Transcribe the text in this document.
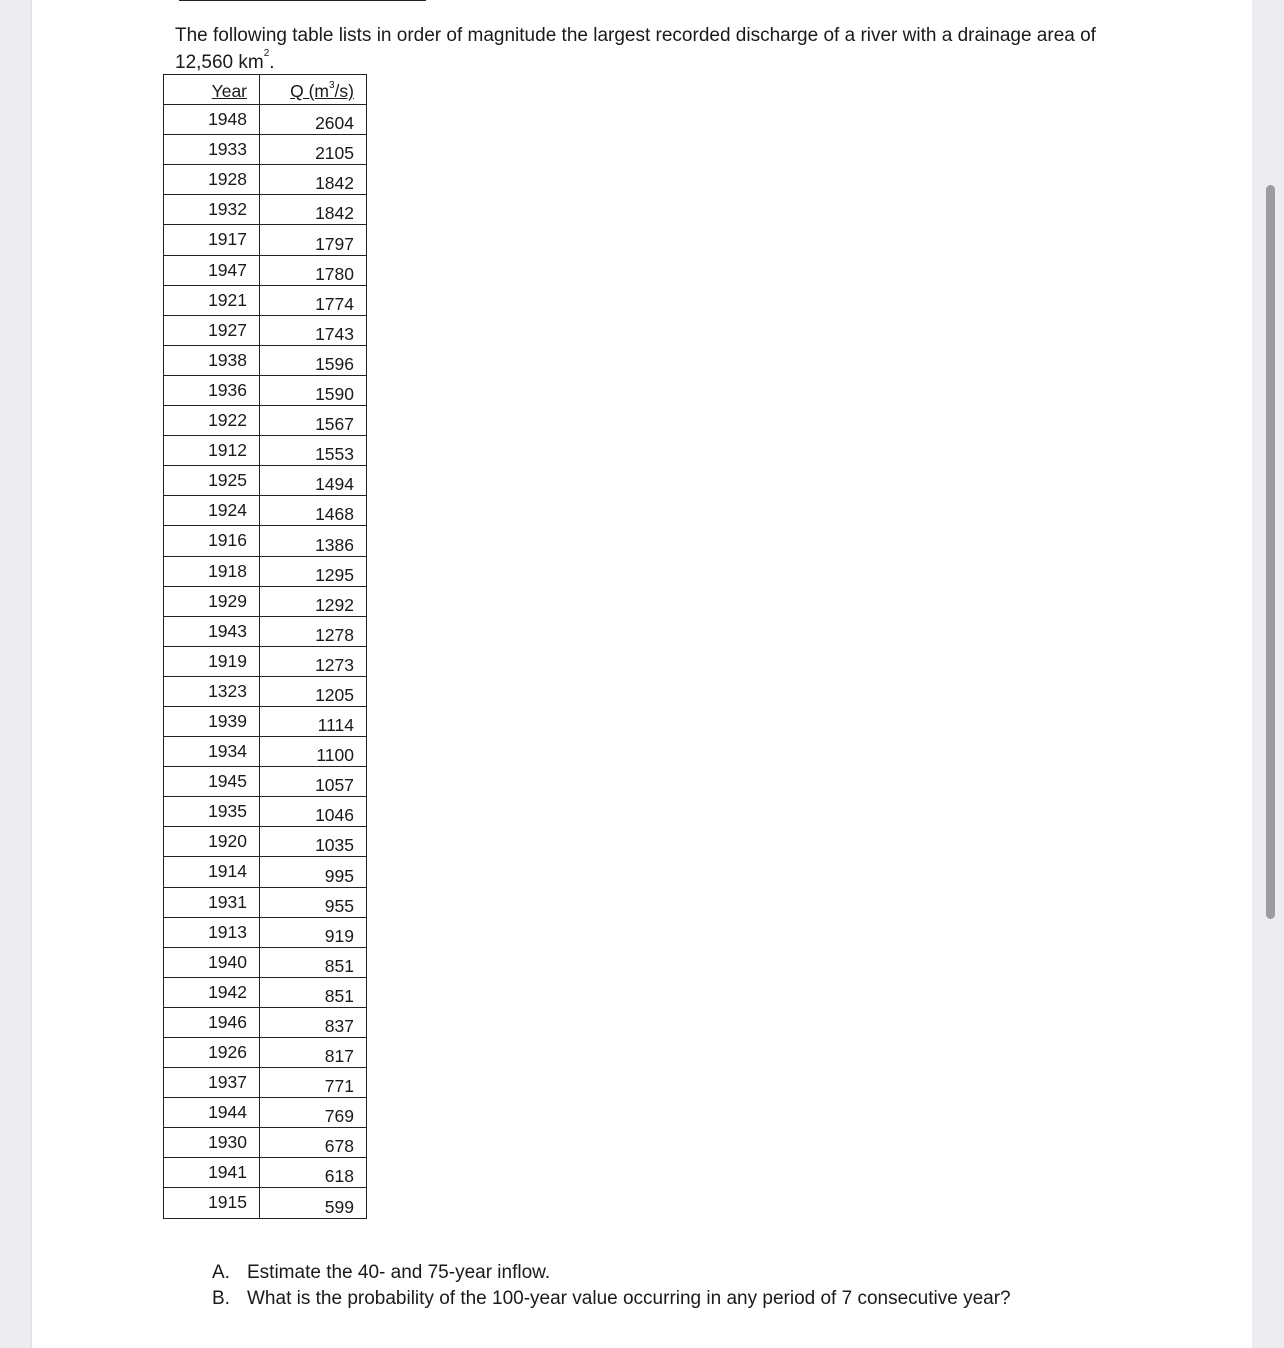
The following table lists in order of magnitude the largest recorded discharge of a river with a drainage area of 12,560 $km^2$.
Year	Q $(m^3/s)$
1948	2604
1933	2105
1928	1842
1932	1842
1917	1797
1947	1780
1921	1774
1927	1743
1938	1596
1936	1590
1922	1567
1912	1553
1925	1494
1924	1468
1916	1386
1918	1295
1929	1292
1943	1278
1919	1273
1323	1205
1939	1114
1934	1100
1945	1057
1935	1046
1920	1035
1914	995
1931	955
1913	919
1940	851
1942	851
1946	837
1926	817
1937	771
1944	769
1930	678
1941	618
1915	599
A. Estimate the 40- and 75-year inflow.
B. What is the probability of the 100-year value occurring in any period of 7 consecutive year?
